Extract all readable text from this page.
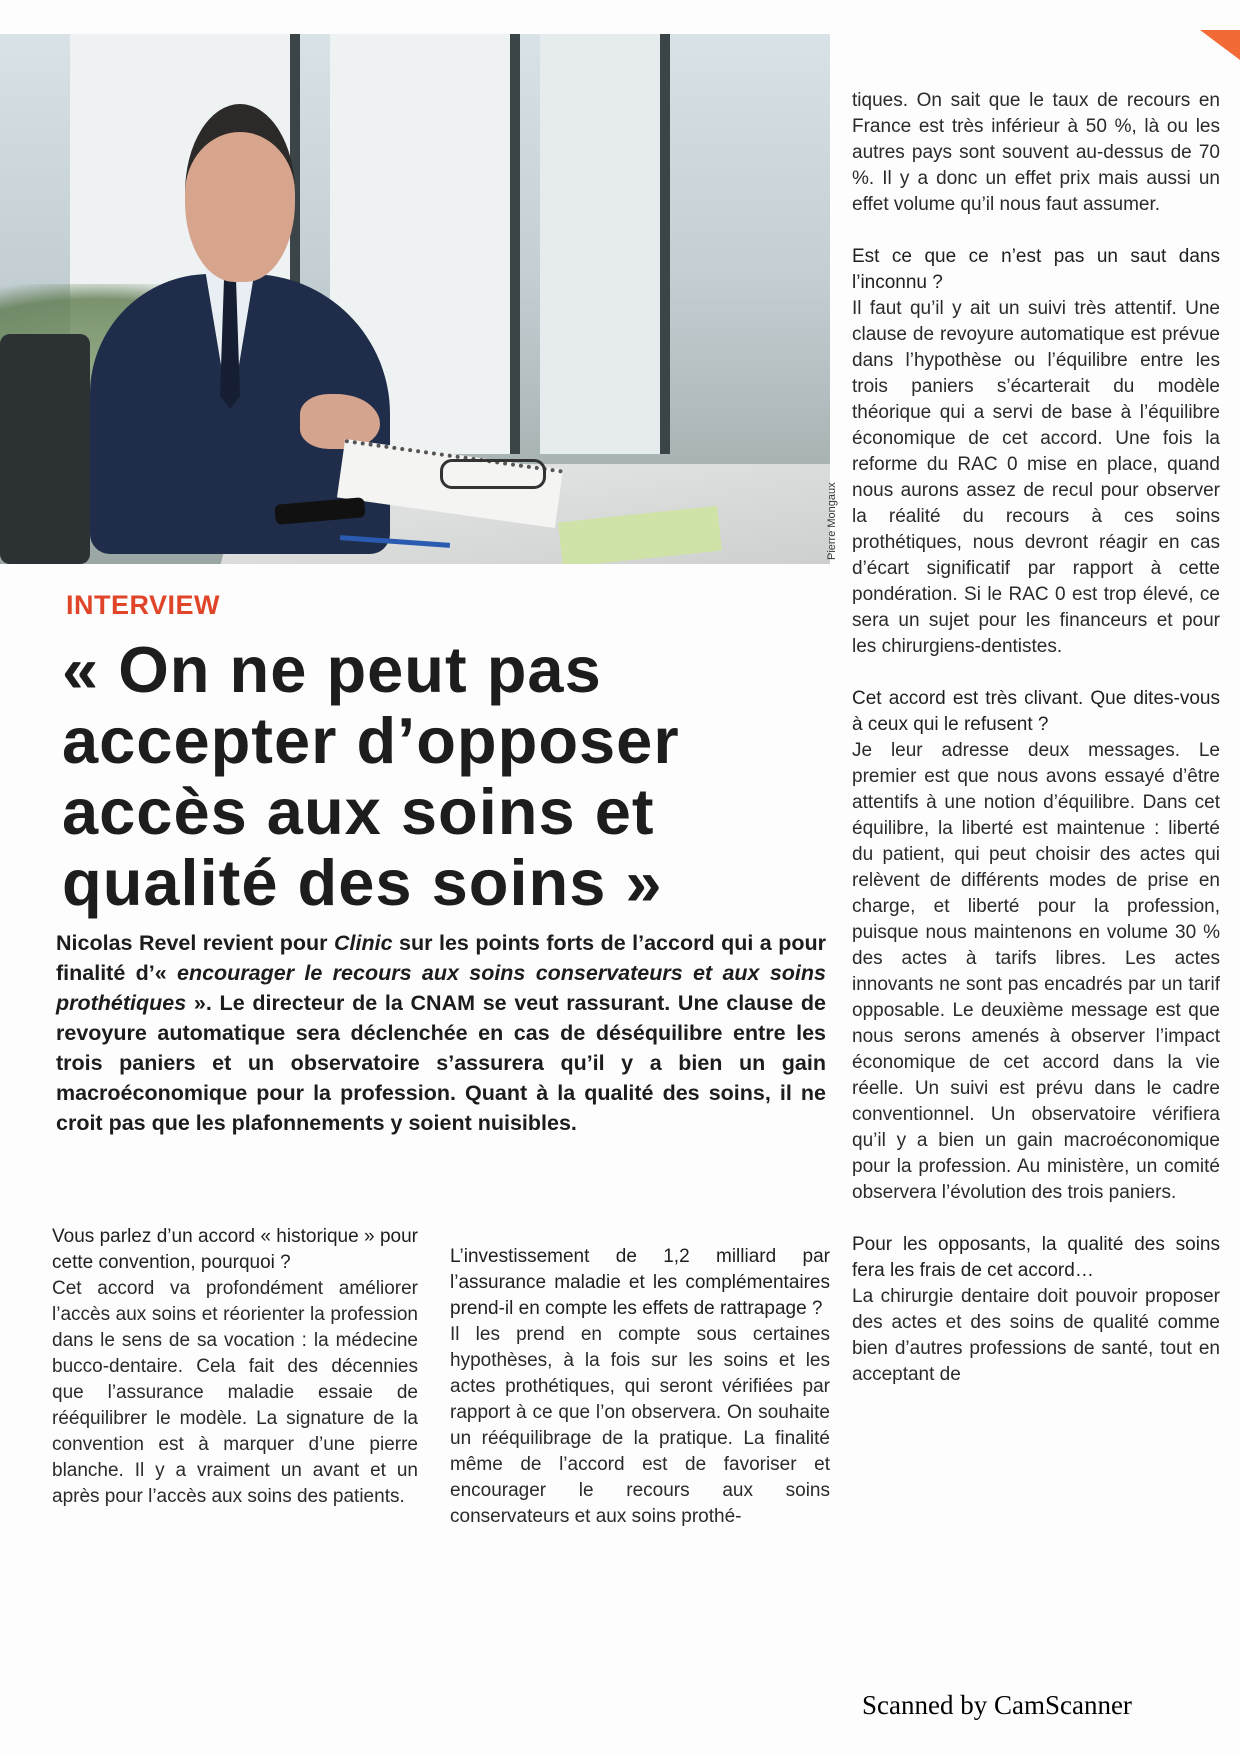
Pierre Mongaux
INTERVIEW
« On ne peut pas
accepter d’opposer
accès aux soins et
qualité des soins »

Nicolas Revel revient pour Clinic sur les points forts de l’accord qui a pour finalité d’« encourager le recours aux soins conservateurs et aux soins prothétiques ». Le directeur de la CNAM se veut rassurant. Une clause de revoyure automatique sera déclenchée en cas de déséquilibre entre les trois paniers et un observatoire s’assurera qu’il y a bien un gain macroéconomique pour la profession. Quant à la qualité des soins, il ne croit pas que les plafonnements y soient nuisibles.

Vous parlez d’un accord « historique » pour cette convention, pourquoi ?

Cet accord va profondément améliorer l’accès aux soins et réorienter la profession dans le sens de sa vocation : la médecine bucco-dentaire. Cela fait des décennies que l’assurance maladie essaie de rééquilibrer le modèle. La signature de la convention est à marquer d’une pierre blanche. Il y a vraiment un avant et un après pour l’accès aux soins des patients.

L’investissement de 1,2 milliard par l’assurance maladie et les complémentaires prend-il en compte les effets de rattrapage ?

Il les prend en compte sous certaines hypothèses, à la fois sur les soins et les actes prothétiques, qui seront vérifiées par rapport à ce que l’on observera. On souhaite un rééquilibrage de la pratique. La finalité même de l’accord est de favoriser et encourager le recours aux soins conservateurs et aux soins prothé-

tiques. On sait que le taux de recours en France est très inférieur à 50 %, là ou les autres pays sont souvent au-dessus de 70 %. Il y a donc un effet prix mais aussi un effet volume qu’il nous faut assumer.

Est ce que ce n’est pas un saut dans l’inconnu ?

Il faut qu’il y ait un suivi très attentif. Une clause de revoyure automatique est prévue dans l’hypothèse ou l’équilibre entre les trois paniers s’écarterait du modèle théorique qui a servi de base à l’équilibre économique de cet accord. Une fois la reforme du RAC 0 mise en place, quand nous aurons assez de recul pour observer la réalité du recours à ces soins prothétiques, nous devront réagir en cas d’écart significatif par rapport à cette pondération. Si le RAC 0 est trop élevé, ce sera un sujet pour les financeurs et pour les chirurgiens-dentistes.

Cet accord est très clivant. Que dites-vous à ceux qui le refusent ?

Je leur adresse deux messages. Le premier est que nous avons essayé d’être attentifs à une notion d’équilibre. Dans cet équilibre, la liberté est maintenue : liberté du patient, qui peut choisir des actes qui relèvent de différents modes de prise en charge, et liberté pour la profession, puisque nous maintenons en volume 30 % des actes à tarifs libres. Les actes innovants ne sont pas encadrés par un tarif opposable. Le deuxième message est que nous serons amenés à observer l’impact économique de cet accord dans la vie réelle. Un suivi est prévu dans le cadre conventionnel. Un observatoire vérifiera qu’il y a bien un gain macroéconomique pour la profession. Au ministère, un comité observera l’évolution des trois paniers.

Pour les opposants, la qualité des soins fera les frais de cet accord…

La chirurgie dentaire doit pouvoir proposer des actes et des soins de qualité comme bien d’autres professions de santé, tout en acceptant de

Scanned by CamScanner
